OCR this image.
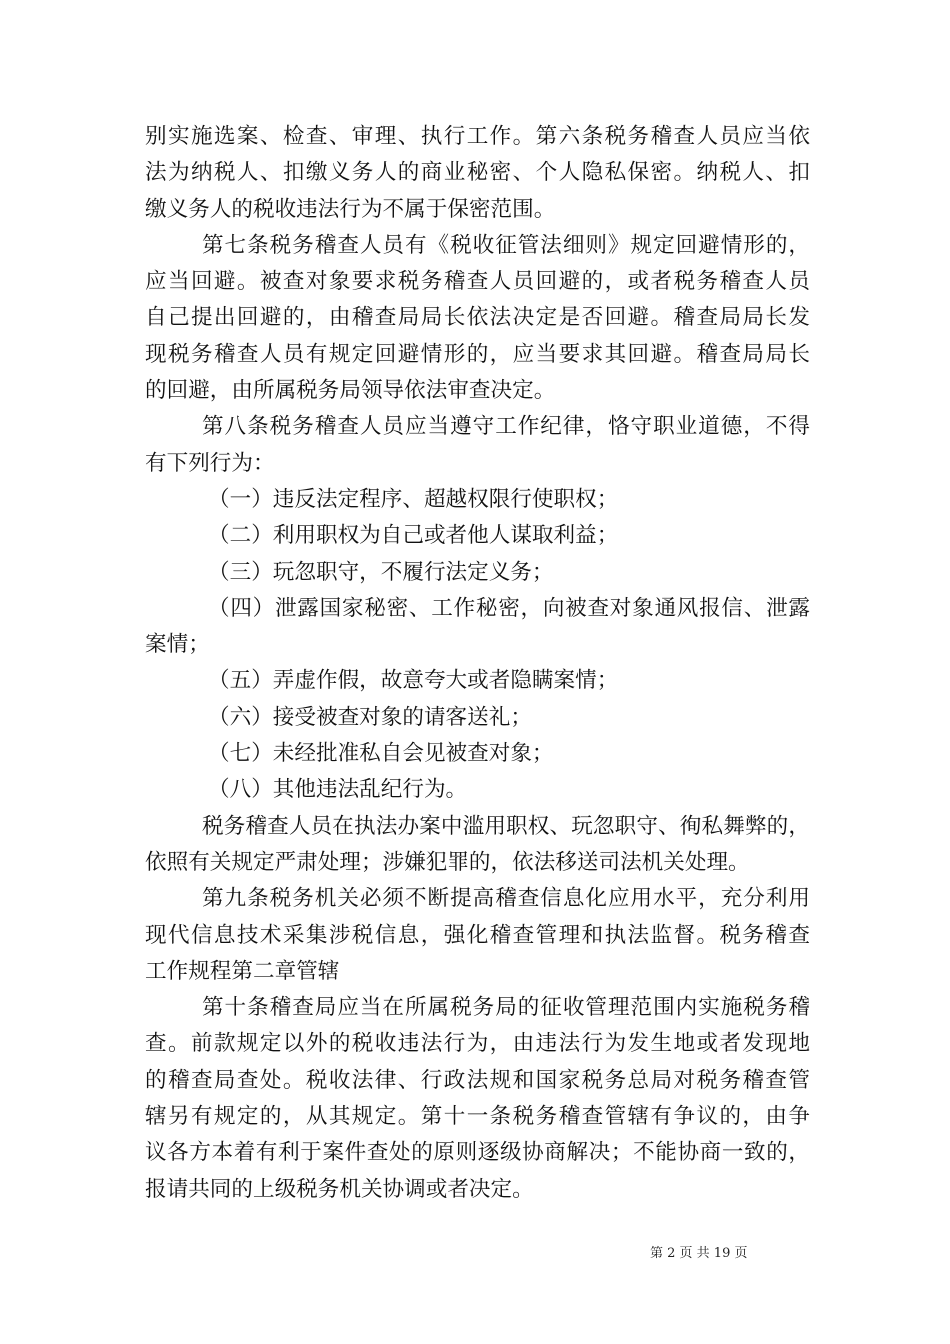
别实施选案、检查、审理、执行工作。第六条税务稽查人员应当依
法为纳税人、扣缴义务人的商业秘密、个人隐私保密。纳税人、扣
缴义务人的税收违法行为不属于保密范围。
第七条税务稽查人员有《税收征管法细则》规定回避情形的，
应当回避。被查对象要求税务稽查人员回避的，或者税务稽查人员
自己提出回避的，由稽查局局长依法决定是否回避。稽查局局长发
现税务稽查人员有规定回避情形的，应当要求其回避。稽查局局长
的回避，由所属税务局领导依法审查决定。
第八条税务稽查人员应当遵守工作纪律，恪守职业道德，不得
有下列行为：
（一）违反法定程序、超越权限行使职权；
（二）利用职权为自己或者他人谋取利益；
（三）玩忽职守，不履行法定义务；
（四）泄露国家秘密、工作秘密，向被查对象通风报信、泄露
案情；
（五）弄虚作假，故意夸大或者隐瞒案情；
（六）接受被查对象的请客送礼；
（七）未经批准私自会见被查对象；
（八）其他违法乱纪行为。
税务稽查人员在执法办案中滥用职权、玩忽职守、徇私舞弊的，
依照有关规定严肃处理；涉嫌犯罪的，依法移送司法机关处理。
第九条税务机关必须不断提高稽查信息化应用水平，充分利用
现代信息技术采集涉税信息，强化稽查管理和执法监督。税务稽查
工作规程第二章管辖
第十条稽查局应当在所属税务局的征收管理范围内实施税务稽
查。前款规定以外的税收违法行为，由违法行为发生地或者发现地
的稽查局查处。税收法律、行政法规和国家税务总局对税务稽查管
辖另有规定的，从其规定。第十一条税务稽查管辖有争议的，由争
议各方本着有利于案件查处的原则逐级协商解决；不能协商一致的，
报请共同的上级税务机关协调或者决定。
第 2 页 共 19 页
